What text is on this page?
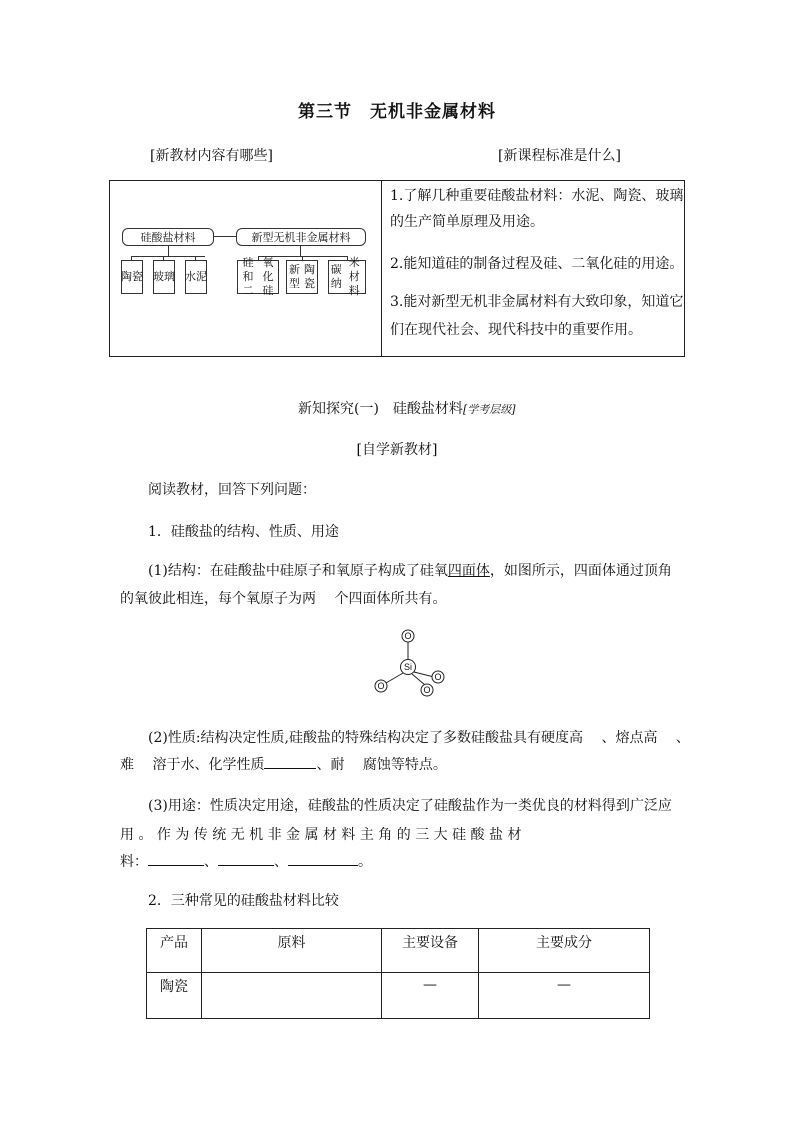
第三节　无机非金属材料
[新教材内容有哪些]	[新课程标准是什么]
硅酸盐材料	新型无机非金属材料
陶 瓷 玻 璃 水 泥
硅和二
氧化硅
新型
陶瓷
碳纳
米材料
1.了解几种重要硅酸盐材料：水泥、陶瓷、玻璃
的生产简单原理及用途。
2.能知道硅的制备过程及硅、二氧化硅的用途。
3.能对新型无机非金属材料有大致印象，知道它
们在现代社会、现代科技中的重要作用。
新知探究(一)　硅酸盐材料[学考层级]
[自学新教材]
阅读教材，回答下列问题：
1．硅酸盐的结构、性质、用途
(1)结构：在硅酸盐中硅原子和氧原子构成了硅氧四面体，如图所示，四面体通过顶角
的氧彼此相连，每个氧原子为两　 个四面体所共有。
O
Si
O
O
O
(2)性质:结构决定性质,硅酸盐的特殊结构决定了多数硅酸盐具有硬度高　 、熔点高　 、
难　 溶于水、化学性质	、耐　 腐蚀等特点。
(3)用途：性质决定用途，硅酸盐的性质决定了硅酸盐作为一类优良的材料得到广泛应
用 。 作 为 传 统 无 机 非 金 属 材 料 主 角 的 三 大 硅 酸 盐 材
料：	、	、	。
2．三种常见的硅酸盐材料比较
产品	原料	主要设备	主要成分
陶瓷		—	—
